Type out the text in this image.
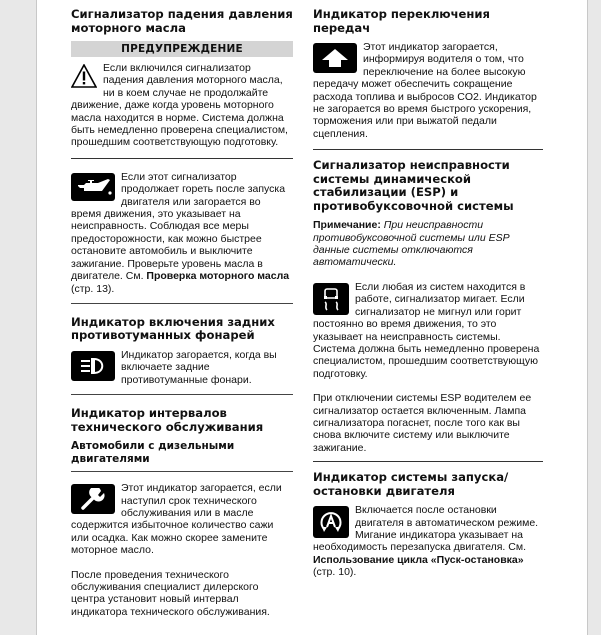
Сигнализатор падения давления моторного масла
ПРЕДУПРЕЖДЕНИЕ

Если включился сигнализатор падения давления моторного масла, ни в коем случае не продолжайте движение, даже когда уровень моторного масла находится в норме. Система должна быть немедленно проверена специалистом, прошедшим соответствующую подготовку.

Если этот сигнализатор продолжает гореть после запуска двигателя или загорается во время движения, это указывает на неисправность. Соблюдая все меры предосторожности, как можно быстрее остановите автомобиль и выключите зажигание. Проверьте уровень масла в двигателе. См. Проверка моторного масла (стр. 13).

Индикатор включения задних противотуманных фонарей

Индикатор загорается, когда вы включаете задние противотуманные фонари.

Индикатор интервалов технического обслуживания
Автомобили с дизельными двигателями

Этот индикатор загорается, если наступил срок технического обслуживания или в масле содержится избыточное количество сажи или осадка. Как можно скорее замените моторное масло.

После проведения технического обслуживания специалист дилерского центра установит новый интервал индикатора технического обслуживания.

Индикатор переключения передач

Этот индикатор загорается, информируя водителя о том, что переключение на более высокую передачу может обеспечить сокращение расхода топлива и выбросов CO2. Индикатор не загорается во время быстрого ускорения, торможения или при выжатой педали сцепления.

Сигнализатор неисправности системы динамической стабилизации (ESP) и противобуксовочной системы

Примечание: При неисправности противобуксовочной системы или ESP данные системы отключаются автоматически.

Если любая из систем находится в работе, сигнализатор мигает. Если сигнализатор не мигнул или горит постоянно во время движения, то это указывает на неисправность системы. Система должна быть немедленно проверена специалистом, прошедшим соответствующую подготовку.

При отключении системы ESP водителем ее сигнализатор остается включенным. Лампа сигнализатора погаснет, после того как вы снова включите систему или выключите зажигание.

Индикатор системы запуска/остановки двигателя

Включается после остановки двигателя в автоматическом режиме. Мигание индикатора указывает на необходимость перезапуска двигателя. См. Использование цикла «Пуск-остановка» (стр. 10).
